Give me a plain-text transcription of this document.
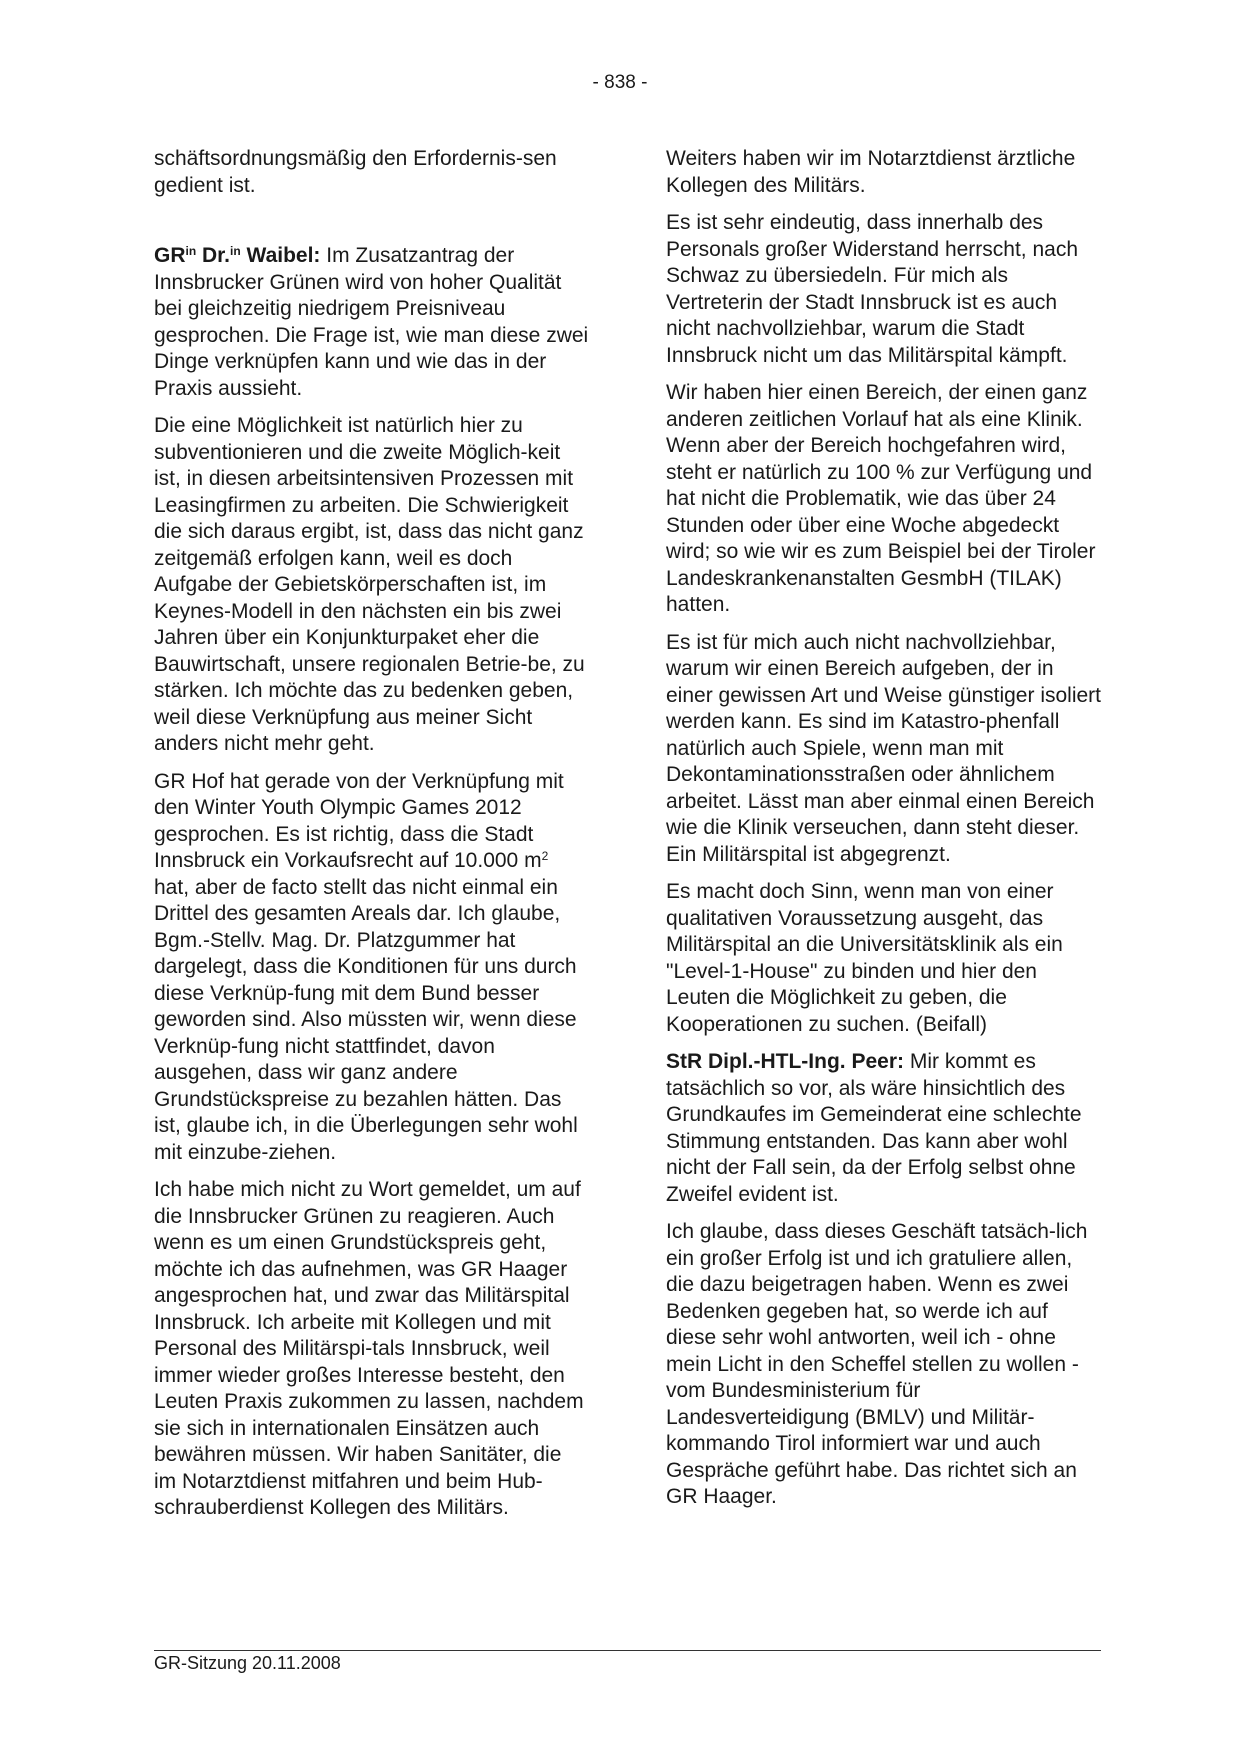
- 838 -

schäftsordnungsmäßig den Erfordernis-sen gedient ist.

$GR^{in}$ Dr.$^{in}$ Waibel: Im Zusatzantrag der Innsbrucker Grünen wird von hoher Qualität bei gleichzeitig niedrigem Preisniveau gesprochen. Die Frage ist, wie man diese zwei Dinge verknüpfen kann und wie das in der Praxis aussieht.

Die eine Möglichkeit ist natürlich hier zu subventionieren und die zweite Möglich-keit ist, in diesen arbeitsintensiven Prozessen mit Leasingfirmen zu arbeiten. Die Schwierigkeit die sich daraus ergibt, ist, dass das nicht ganz zeitgemäß erfolgen kann, weil es doch Aufgabe der Gebietskörperschaften ist, im Keynes-Modell in den nächsten ein bis zwei Jahren über ein Konjunkturpaket eher die Bauwirtschaft, unsere regionalen Betrie-be, zu stärken. Ich möchte das zu bedenken geben, weil diese Verknüpfung aus meiner Sicht anders nicht mehr geht.

GR Hof hat gerade von der Verknüpfung mit den Winter Youth Olympic Games 2012 gesprochen. Es ist richtig, dass die Stadt Innsbruck ein Vorkaufsrecht auf 10.000 $m^2$ hat, aber de facto stellt das nicht einmal ein Drittel des gesamten Areals dar. Ich glaube, Bgm.-Stellv. Mag. Dr. Platzgummer hat dargelegt, dass die Konditionen für uns durch diese Verknüp-fung mit dem Bund besser geworden sind. Also müssten wir, wenn diese Verknüp-fung nicht stattfindet, davon ausgehen, dass wir ganz andere Grundstückspreise zu bezahlen hätten. Das ist, glaube ich, in die Überlegungen sehr wohl mit einzube-ziehen.

Ich habe mich nicht zu Wort gemeldet, um auf die Innsbrucker Grünen zu reagieren. Auch wenn es um einen Grundstückspreis geht, möchte ich das aufnehmen, was GR Haager angesprochen hat, und zwar das Militärspital Innsbruck. Ich arbeite mit Kollegen und mit Personal des Militärspi-tals Innsbruck, weil immer wieder großes Interesse besteht, den Leuten Praxis zukommen zu lassen, nachdem sie sich in internationalen Einsätzen auch bewähren müssen. Wir haben Sanitäter, die im Notarztdienst mitfahren und beim Hub-schrauberdienst Kollegen des Militärs.

Weiters haben wir im Notarztdienst ärztliche Kollegen des Militärs.

Es ist sehr eindeutig, dass innerhalb des Personals großer Widerstand herrscht, nach Schwaz zu übersiedeln. Für mich als Vertreterin der Stadt Innsbruck ist es auch nicht nachvollziehbar, warum die Stadt Innsbruck nicht um das Militärspital kämpft.

Wir haben hier einen Bereich, der einen ganz anderen zeitlichen Vorlauf hat als eine Klinik. Wenn aber der Bereich hochgefahren wird, steht er natürlich zu 100 % zur Verfügung und hat nicht die Problematik, wie das über 24 Stunden oder über eine Woche abgedeckt wird; so wie wir es zum Beispiel bei der Tiroler Landeskrankenanstalten GesmbH (TILAK) hatten.

Es ist für mich auch nicht nachvollziehbar, warum wir einen Bereich aufgeben, der in einer gewissen Art und Weise günstiger isoliert werden kann. Es sind im Katastro-phenfall natürlich auch Spiele, wenn man mit Dekontaminationsstraßen oder ähnlichem arbeitet. Lässt man aber einmal einen Bereich wie die Klinik verseuchen, dann steht dieser. Ein Militärspital ist abgegrenzt.

Es macht doch Sinn, wenn man von einer qualitativen Voraussetzung ausgeht, das Militärspital an die Universitätsklinik als ein "Level-1-House" zu binden und hier den Leuten die Möglichkeit zu geben, die Kooperationen zu suchen. (Beifall)

StR Dipl.-HTL-Ing. Peer: Mir kommt es tatsächlich so vor, als wäre hinsichtlich des Grundkaufes im Gemeinderat eine schlechte Stimmung entstanden. Das kann aber wohl nicht der Fall sein, da der Erfolg selbst ohne Zweifel evident ist.

Ich glaube, dass dieses Geschäft tatsäch-lich ein großer Erfolg ist und ich gratuliere allen, die dazu beigetragen haben. Wenn es zwei Bedenken gegeben hat, so werde ich auf diese sehr wohl antworten, weil ich - ohne mein Licht in den Scheffel stellen zu wollen - vom Bundesministerium für Landesverteidigung (BMLV) und Militär-kommando Tirol informiert war und auch Gespräche geführt habe. Das richtet sich an GR Haager.

GR-Sitzung 20.11.2008
